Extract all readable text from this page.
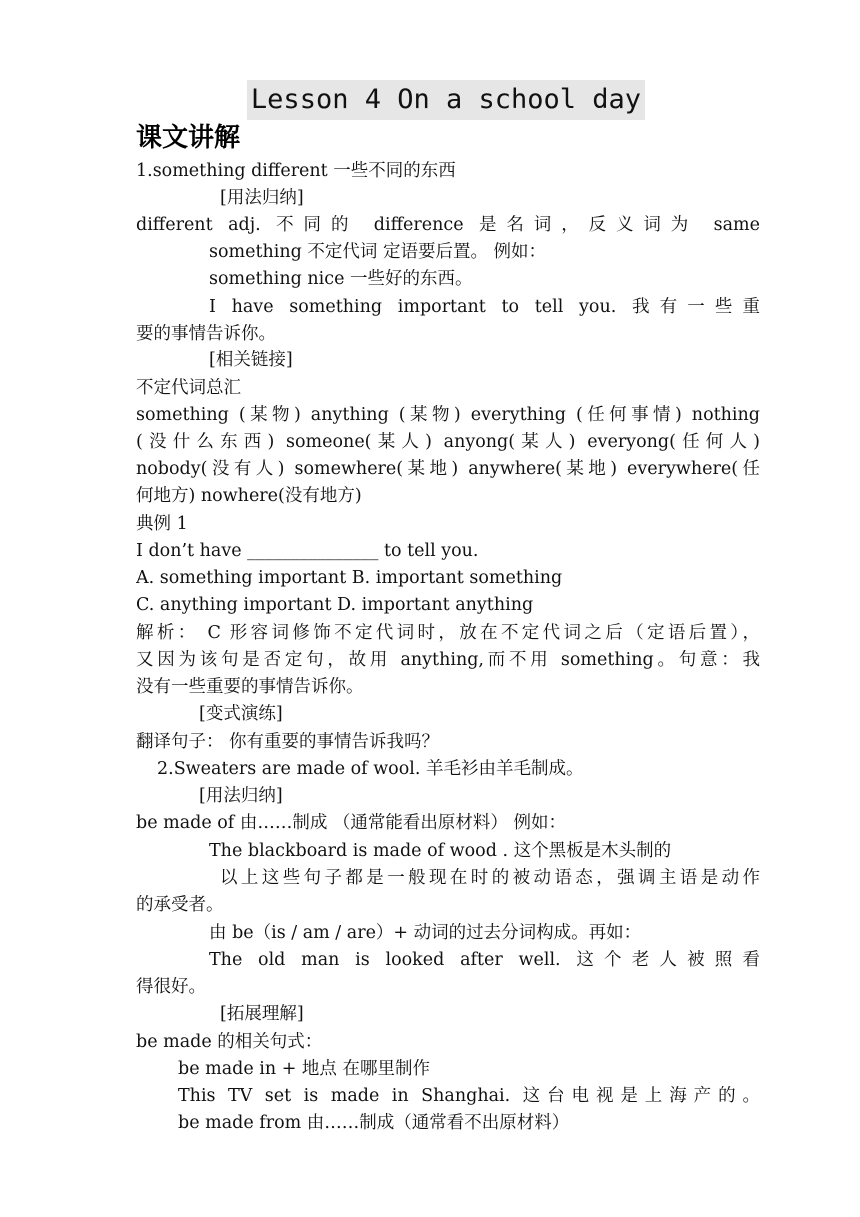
Lesson 4 On a school day
课文讲解
1.something different 一些不同的东西
[用法归纳]
different adj. 不同的 difference 是名词，反义词为 same
something 不定代词 定语要后置。 例如：
something nice 一些好的东西。
I have something important to tell you. 我有一些重
要的事情告诉你。
[相关链接]
不定代词总汇
something (某物) anything (某物) everything (任何事情) nothing
(没什么东西) someone(某人) anyong(某人) everyong(任何人)
nobody(没有人) somewhere(某地) anywhere(某地) everywhere(任
何地方) nowhere(没有地方)
典例 1
I don’t have _______________ to tell you.
A. something important B. important something
C. anything important D. important anything
解析： C 形容词修饰不定代词时，放在不定代词之后（定语后置），
又因为该句是否定句，故用 anything,而不用 something。句意：我
没有一些重要的事情告诉你。
[变式演练]
翻译句子： 你有重要的事情告诉我吗？
2.Sweaters are made of wool. 羊毛衫由羊毛制成。
[用法归纳]
be made of 由……制成 （通常能看出原材料） 例如：
The blackboard is made of wood . 这个黑板是木头制的
以上这些句子都是一般现在时的被动语态，强调主语是动作
的承受者。
由 be（is / am / are）+ 动词的过去分词构成。再如：
The old man is looked after well. 这个老人被照看
得很好。
[拓展理解]
be made 的相关句式：
be made in + 地点 在哪里制作
This TV set is made in Shanghai. 这台电视是上海产的。
be made from 由……制成（通常看不出原材料）
